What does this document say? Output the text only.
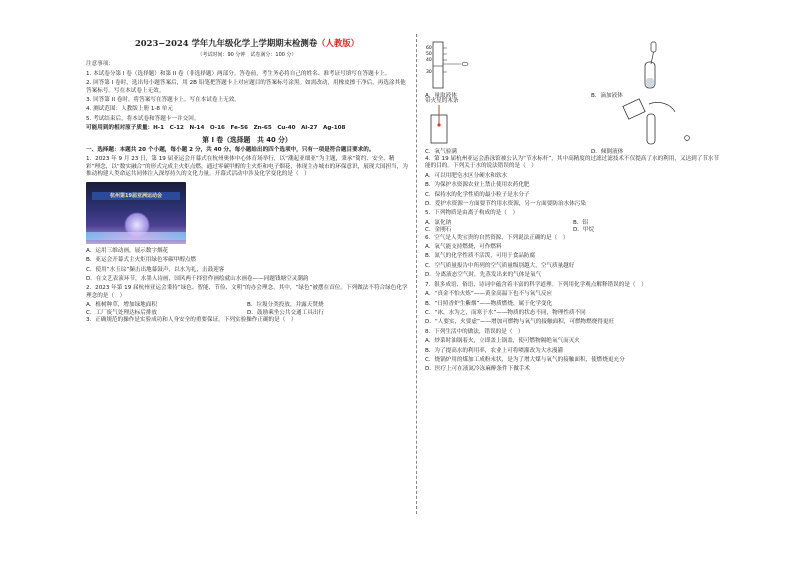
2023−2024 学年九年级化学上学期期末检测卷（人教版）

（考试时间：90 分钟　试卷满分：100 分）

注意事项：

1. 本试卷分第 I 卷（选择题）和第 II 卷（非选择题）两部分。答卷前，考生务必将自己的姓名、准考证号填写在答题卡上。

2. 回答第 I 卷时，选出每小题答案后，用 2B 铅笔把答题卡上对应题目的答案标号涂黑。如需改动，用橡皮擦干净后，再选涂其他答案标号。写在本试卷上无效。

3. 回答第 II 卷时，将答案写在答题卡上。写在本试卷上无效。

4. 测试范围：人教版上册 1-8 单元

5. 考试结束后，将本试卷和答题卡一并交回。

可能用到的相对原子质量：H-1　C-12　N-14　O-16　Fe-56　Zn-65　Cu-40　Al-27　Ag-108

第 I 卷（选择题　共 40 分）

一、选择题：本题共 20 个小题，每小题 2 分，共 40 分。每小题给出的四个选项中，只有一项是符合题目要求的。

1．2023 年 9 月 23 日，第 19 届亚运会开幕式在杭州奥体中心体育场举行，以“潮起亚细亚”为主题，秉承“简约、安全、精彩”理念，以“数实融合”的形式完成主火炬点燃，通过零碳甲醇的主火炬和电子烟花，体现主办城市的环保意识，展现大国担当，为推动构建人类命运共同体注入深厚持久的文化力量。开幕式活动中涉及化学变化的是（　）

杭州第19届亚洲运动会

A．运用三维动画，展示数字烟花

B．亚运会开幕式主火炬用绿色零碳甲醇点燃

C．使用“水玉琮”撷击出地幕鼓声，以水为礼，击鼓迎客

D．在文艺表演环节，水墨人诗画，国风两千择窑作画绘就山水画卷——同题钱塘空灵潮韵

2．2023 年第 19 届杭州亚运会秉持“绿色、智能、节俭、文明”的办会理念，其中，“绿色”被摆在首位。下列做法不符合绿色化学理念的是（　）

A．植树种草，增加绿地面积	B．垃圾分类投放，并露天焚烧
C．工厂废气处理达标后排放	D．鼓励乘坐公共交通工具出行

3．正确规范的操作是实验成功和人身安全的重要保证。下列实验操作正确的是（　）

60
50
40
30
A．量取液体	B．滴加液体
带火星的木条
C．氧气验满	D．倾倒液体

4．第 19 届杭州亚运会游泳馆被公认为“节水标杆”，其中高精度的过滤过滤技术不仅提高了水的利用，又达到了节水节能的目的。下列关于水的说法错误的是（　）

A．可以用肥皂水区分硬水和软水

B．为保护水资源农业上禁止使用农药化肥

C．保持水的化学性质的最小粒子是水分子

D．爱护水资源一方面要节约用水资源，另一方面要防治水体污染

5．下列物质是由离子构成的是（　）

A．氯化钠	B．铝
C．金刚石	D．甲烷

6．空气是人类宝贵的自然资源，下列说法正确的是（　）

A．氧气能支持燃烧，可作燃料

B．氮气的化学性质不活泼，可用于食品防腐

C．空气质量报告中所列的空气质量级别越大，空气质量越好

D．分离液态空气时，先蒸发出来的气体是氧气

7．很多成语、俗语、诗词中蕴含着丰富的科学道理。下列用化学观点解释错误的是（　）

A．“真金不怕火炼”——黄金高温下也不与氧气反应

B．“日照香炉生紫烟”——物质燃烧，属于化学变化

C．“冰，水为之，而寒于水”——物质的状态不同，物理性质不同

D．“人要实，火要虚”——增加可燃物与氧气的接触面积，可燃物燃烧得更旺

8．下列生活中的做法，错误的是（　）

A．炒菜时油锅着火，立即盖上锅盖，使可燃物隔绝氧气而灭火

B．为了提高水的利用率，农业上可将喷灌改为大水漫灌

C．烧锅炉用的煤加工成粉末状，是为了增大煤与氧气的接触面积，使燃烧更充分

D．医疗上可在液氮冷冻麻醉条件下做手术
